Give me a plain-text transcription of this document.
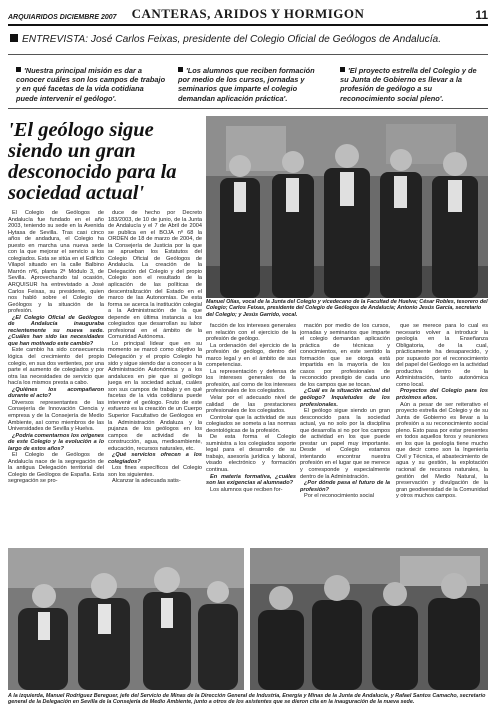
ARQUIARIDOS DICIEMBRE 2007	CANTERAS, ARIDOS Y HORMIGON	11
ENTREVISTA: José Carlos Feixas, presidente del Colegio Oficial de Geólogos de Andalucía.
'Nuestra principal misión es dar a conocer cuáles son los campos de trabajo y en qué facetas de la vida cotidiana puede intervenir el geólogo'.
'Los alumnos que reciben formación por medio de los cursos, jornadas y seminarios que imparte el colegio demandan aplicación práctica'.
'El proyecto estrella del Colegio y de su Junta de Gobierno es llevar a la profesión de geólogo a su reconocimiento social pleno'.
'El geólogo sigue siendo un gran desconocido para la sociedad actual'
Manuel Olías, vocal de la Junta del Colegio y vicedecano de la Facultad de Huelva; César Robles, tesorero del Colegio; Carlos Feixas, presidente del Colegio de Geólogos de Andalucía; Antonio Jesús García, secretario del Colegio; y Jesús Garrido, vocal.

El Colegio de Geólogos de Andalucía fue fundado en el año 2003, teniendo su sede en la Avenida Hytasa de Sevilla. Tras casi cinco años de andadura, el Colegio ha puesto en marcha una nueva sede con la que mejorar el servicio a los colegiados. Esta se sitúa en el Edificio Vilapol situado en la calle Balbino Marrón nº6, planta 2ª Módulo 3, de Sevilla. Aprovechando tal ocasión, ARQUISUR ha entrevistado a José Carlos Feixas, su presidente, quien nos habló sobre el Colegio de Geólogos y la situación de la profesión.

¿El Colegio Oficial de Geólogos de Andalucía inauguraba recientemente su nueva sede. ¿Cuáles han sido las necesidades que han motivado este cambio?

Este cambio ha sido consecuencia lógica del crecimiento del propio colegio, en sus dos vertientes, por una parte el aumento de colegiados y por otra las necesidades de servicio que hacía los mismos presta a cabo.

¿Quiénes los acompañaron durante el acto?

Diversos representantes de las Consejería de Innovación Ciencia y empresa y de la Consejería de Medio Ambiente, así como miembros de las Universidades de Sevilla y Huelva.

¿Podría comentarnos los orígenes de este Colegio y la evolución a lo largo de estos años?

El Colegio de Geólogos de Andalucía nace de la segregación de la antigua Delegación territorial del Colegio de Geólogos de España. Esta segregación se pro-

duce de hecho por Decreto 183/2003, de 10 de junio, de la Junta de Andalucía y el 7 de Abril de 2004 se publica en el BOJA nº 68 la ORDEN de 18 de marzo de 2004, de la Consejería de Justicia por la que se aprueban los Estatutos del Colegio Oficial de Geólogos de Andalucía. La creación de la Delegación del Colegio y del propio Colegio son el resultado de la aplicación de las políticas de descentralización del Estado en el marco de las Autonomías. De esta forma se acerca la institución colegial a la Administración de la que depende en última instancia a los colegiados que desarrollan su labor profesional en el ámbito de la Comunidad Autónoma.

Lo principal lidear que en su momento se marcó como objetivo la Delegación y el propio Colegio ha sido y sigue siendo dar a conocer a la Administración Autonómica y a los andaluces en pie que si geólogo juega en la sociedad actual, cuáles son sus campos de trabajo y en qué facetas de la vida cotidiana puede intervenir el geólogo. Fruto de este esfuerzo es la creación de un Cuerpo Superior Facultativo de Geólogos en la Administración Andaluza y la pujanza de los geólogos en los campos de actividad de la construcción, agua, medioambiente, educación, recursos naturales, etc.

¿Qué servicios ofrecen a los colegiados?

Los fines específicos del Colegio son los siguientes.

Alcanzar la adecuada satis-

facción de los intereses generales en relación con el ejercicio de la profesión de geólogo.

La ordenación del ejercicio de la profesión de geólogo, dentro del marco legal y en el ámbito de sus competencias.

La representación y defensa de los intereses generales de la profesión, así como de los intereses profesionales de los colegiados.

Velar por el adecuado nivel de calidad de las prestaciones profesionales de los colegiados.

Controlar que la actividad de sus colegiados se someta a las normas deontológicas de la profesión.

De esta forma el Colegio suministra a los colegiados soporte legal para el desarrollo de su trabajo, asesoría jurídica y laboral, visado electrónico y formación continua.

En materia formativa, ¿cuáles son las exigencias al alumnado?

Los alumnos que reciben for-

mación por medio de los cursos, jornadas y seminarios que imparte el colegio demandan aplicación práctica de técnicas y conocimientos, en este sentido la formación que se otorga está impartida en la mayoría de los casos por profesionales de reconocido prestigio de cada uno de los campos que se tocan.

¿Cuál es la situación actual del geólogo? Inquietudes de los profesionales.

El geólogo sigue siendo un gran desconocido para la sociedad actual, ya no solo por la disciplina que desarrolla si no por los campos de actividad en los que puede prestar un papel muy importante. Desde el Colegio estamos intentando encontrar nuestra profesión en el lugar que se merece y corresponde y especialmente dentro de la Administración.

¿Por dónde pasa el futuro de la profesión?

Por el reconocimiento social

que se merece para lo cual es necesario volver a introducir la geología en la Enseñanza Obligatoria, de la cual, prácticamente ha desaparecido, y por supuesto por el reconocimiento del papel del Geólogo en la actividad productiva dentro de la Administración, tanto autonómica como local.

Proyectos del Colegio para los próximos años.

Aún a pesar de ser reiterativo el proyecto estrella del Colegio y de su Junta de Gobierno es llevar a la profesión a su reconocimiento social pleno. Esto pasa por estar presentes en todos aquellos foros y reuniones en los que la geología tiene mucho que decir como son la Ingeniería Civil y Técnica, el abastecimiento de agua y su gestión, la explotación racional de recursos naturales, la gestión del Medio Natural, la preservación y divulgación de la gran geodiversidad de la Comunidad y otros muchos campos.

A la izquierda, Manuel Rodríguez Bereguer, jefe del Servicio de Minas de la Dirección General de Industria, Energía y Minas de la Junta de Andalucía, y Rafael Santos Camacho, secretario general de la Delegación en Sevilla de la Consejería de Medio Ambiente, junto a otros de los asistentes que se dieron cita en la inauguración de la nueva sede.
